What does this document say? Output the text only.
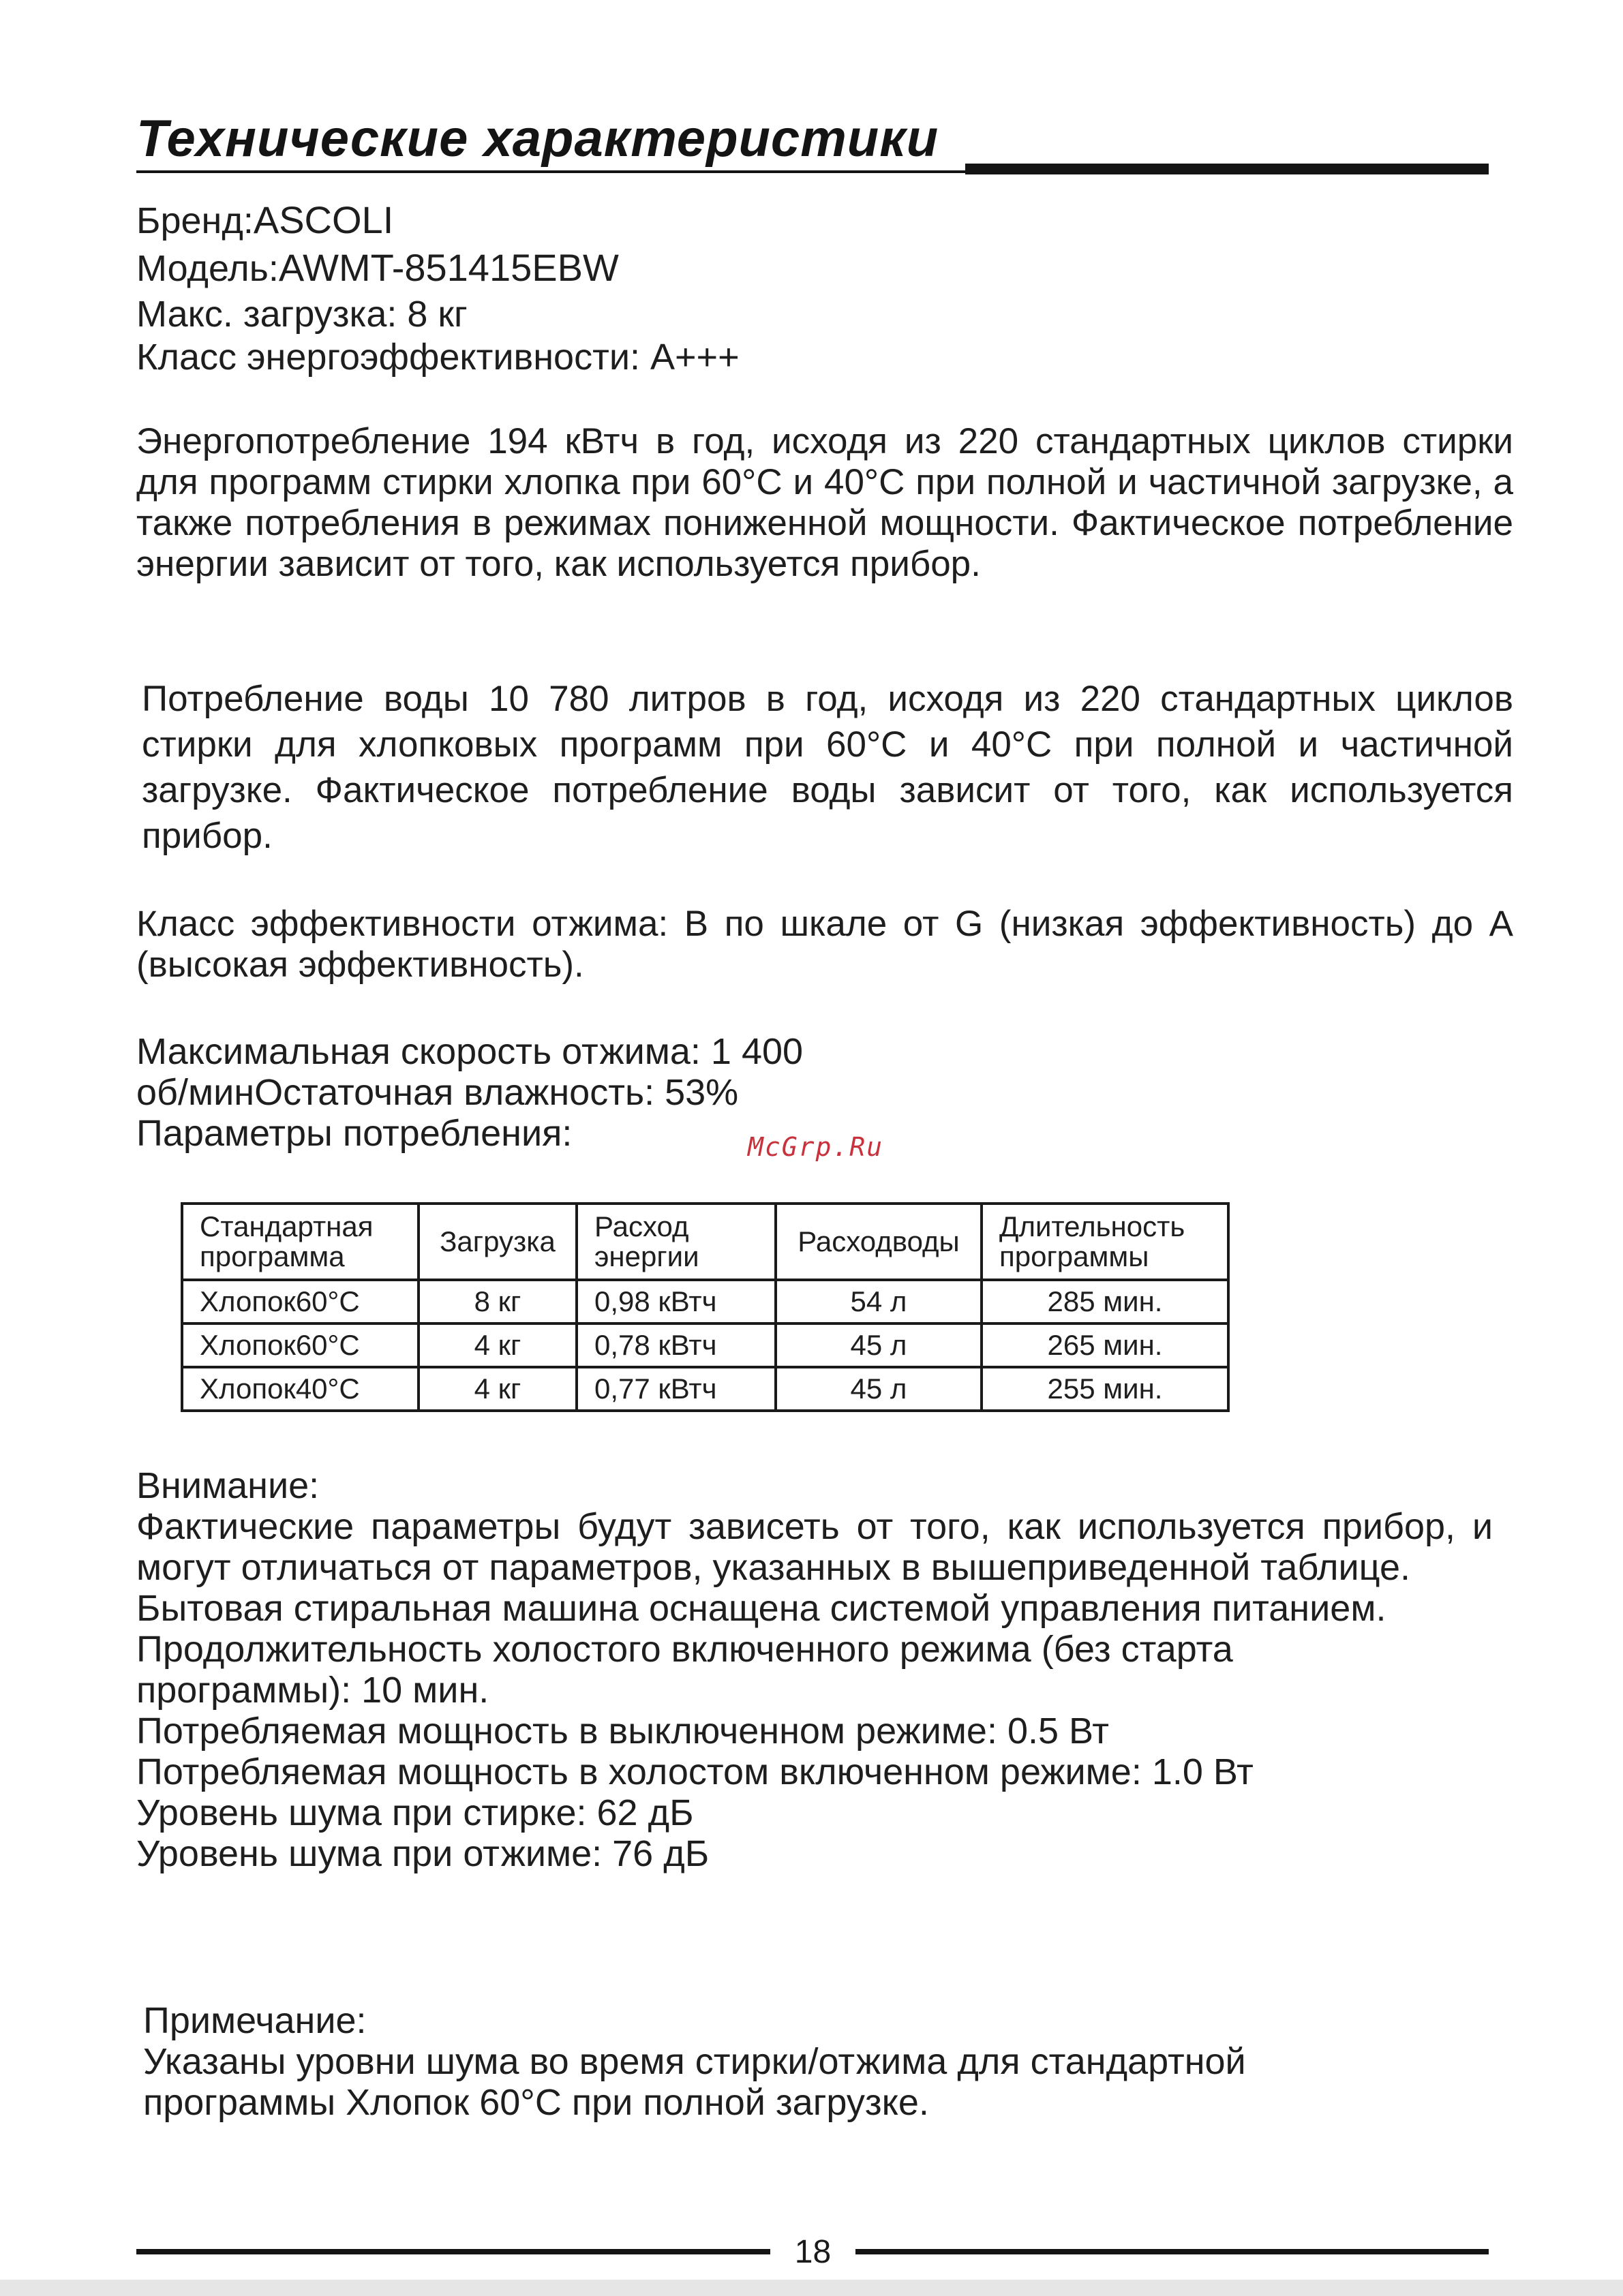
Технические характеристики
Бренд:ASCOLI
Модель:AWMT-851415EBW
Макс. загрузка: 8 кг
Класс энергоэффективности: А+++
Энергопотребление 194 кВтч в год, исходя из 220 стандартных циклов стирки для программ стирки хлопка при 60°C и 40°C при полной и частичной загрузке, а также потребления в режимах пониженной мощности. Фактическое потребление энергии зависит от того, как используется прибор.
Потребление воды 10 780 литров в год, исходя из 220 стандартных циклов стирки для хлопковых программ при 60°C и 40°C при полной и частичной загрузке. Фактическое потребление воды зависит от того, как используется прибор.
Класс эффективности отжима: В по шкале от G (низкая эффективность) до А (высокая эффективность).
Максимальная скорость отжима: 1 400
об/минОстаточная влажность: 53%
Параметры потребления:	McGrp.Ru
Стандартная программа	Загрузка	Расход энергии	Расходводы	Длительность программы
Хлопок60°C	8 кг	0,98 кВтч	54 л	285 мин.
Хлопок60°C	4 кг	0,78 кВтч	45 л	265 мин.
Хлопок40°C	4 кг	0,77 кВтч	45 л	255 мин.
Внимание:
Фактические параметры будут зависеть от того, как используется прибор, и могут отличаться от параметров, указанных в вышеприведенной таблице.
Бытовая стиральная машина оснащена системой управления питанием.
Продолжительность холостого включенного режима (без старта
программы): 10 мин.
Потребляемая мощность в выключенном режиме: 0.5 Вт
Потребляемая мощность в холостом включенном режиме: 1.0 Вт
Уровень шума при стирке: 62 дБ
Уровень шума при отжиме: 76 дБ
Примечание:
Указаны уровни шума во время стирки/отжима для стандартной
программы Хлопок 60°C при полной загрузке.
18
